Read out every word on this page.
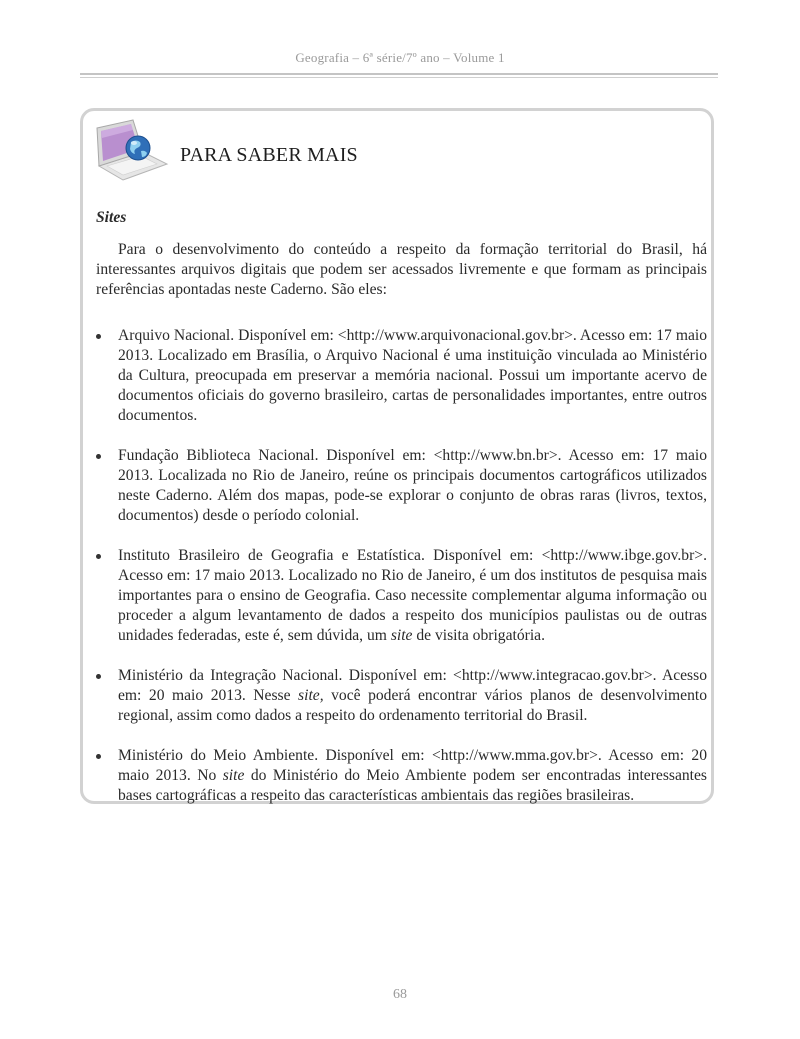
Geografia – 6ª série/7º ano – Volume 1
PARA SABER MAIS

Sites

Para o desenvolvimento do conteúdo a respeito da formação territorial do Brasil, há interessantes arquivos digitais que podem ser acessados livremente e que formam as principais referências apontadas neste Caderno. São eles:

Arquivo Nacional. Disponível em: <http://www.arquivonacional.gov.br>. Acesso em: 17 maio 2013. Localizado em Brasília, o Arquivo Nacional é uma instituição vinculada ao Ministério da Cultura, preocupada em preservar a memória nacional. Possui um importante acervo de documentos oficiais do governo brasileiro, cartas de personalidades importantes, entre outros documentos.
Fundação Biblioteca Nacional. Disponível em: <http://www.bn.br>. Acesso em: 17 maio 2013. Localizada no Rio de Janeiro, reúne os principais documentos cartográficos utilizados neste Caderno. Além dos mapas, pode-se explorar o conjunto de obras raras (livros, textos, documentos) desde o período colonial.
Instituto Brasileiro de Geografia e Estatística. Disponível em: <http://www.ibge.gov.br>. Acesso em: 17 maio 2013. Localizado no Rio de Janeiro, é um dos institutos de pesquisa mais importantes para o ensino de Geografia. Caso necessite complementar alguma informação ou proceder a algum levantamento de dados a respeito dos municípios paulistas ou de outras unidades federadas, este é, sem dúvida, um site de visita obrigatória.
Ministério da Integração Nacional. Disponível em: <http://www.integracao.gov.br>. Acesso em: 20 maio 2013. Nesse site, você poderá encontrar vários planos de desenvolvimento regional, assim como dados a respeito do ordenamento territorial do Brasil.
Ministério do Meio Ambiente. Disponível em: <http://www.mma.gov.br>. Acesso em: 20 maio 2013. No site do Ministério do Meio Ambiente podem ser encontradas interessantes bases cartográficas a respeito das características ambientais das regiões brasileiras.
68
